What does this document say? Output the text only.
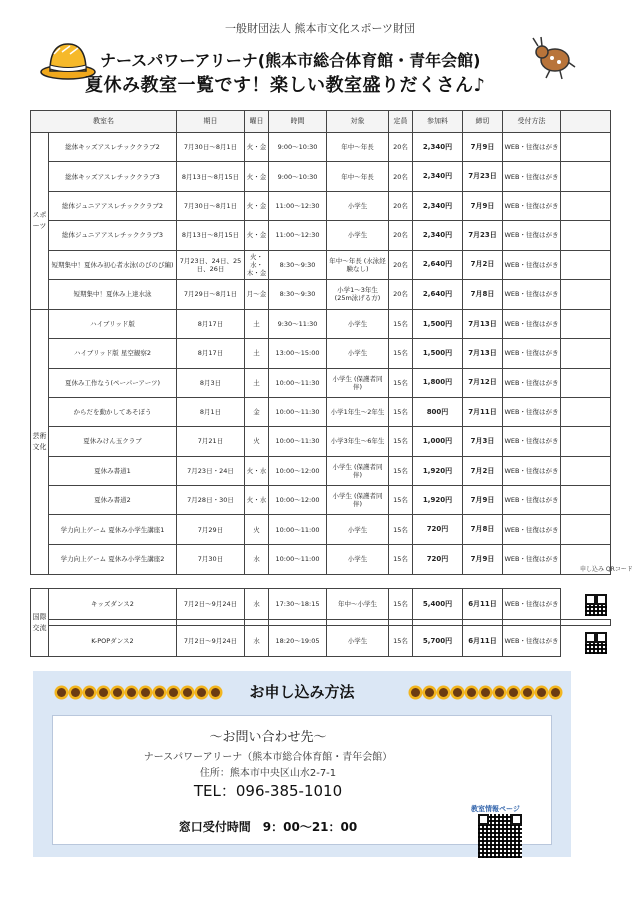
一般財団法人 熊本市文化スポーツ財団
ナースパワーアリーナ(熊本市総合体育館・青年会館)
夏休み教室一覧です！楽しい教室盛りだくさん♪
教室名		期日	曜日	時間	対象	定員	参加料	締切	受付方法	
スポーツ	総体キッズアスレチッククラブ2	7月30日～8月1日	火・金	9:00～10:30	年中～年長	20名	2,340円	7月9日	WEB・往復はがき	
	総体キッズアスレチッククラブ3	8月13日～8月15日	火・金	9:00～10:30	年中～年長	20名	2,340円	7月23日	WEB・往復はがき	
	総体ジュニアアスレチッククラブ2	7月30日～8月1日	火・金	11:00～12:30	小学生	20名	2,340円	7月9日	WEB・往復はがき	
	総体ジュニアアスレチッククラブ3	8月13日～8月15日	火・金	11:00～12:30	小学生	20名	2,340円	7月23日	WEB・往復はがき	
	短期集中！夏休み初心者水泳(のびのび編)	7月23日、24日、25日、26日	火・水・木・金	8:30～9:30	年中～年長 (水泳経験なし)	20名	2,640円	7月2日	WEB・往復はがき	
	短期集中！夏休み上達水泳	7月29日～8月1日	月～金	8:30～9:30	小学1～3年生 (25m泳げる方)	20名	2,640円	7月8日	WEB・往復はがき	
芸術文化	ハイブリッド版	8月17日	土	9:30～11:30	小学生	15名	1,500円	7月13日	WEB・往復はがき	
	ハイブリッド版 星空観察2	8月17日	土	13:00～15:00	小学生	15名	1,500円	7月13日	WEB・往復はがき	
	夏休み工作なう(ペーパーアーツ)	8月3日	土	10:00～11:30	小学生 (保護者同伴)	15名	1,800円	7月12日	WEB・往復はがき	
	からだを動かしてあそぼう	8月1日	金	10:00～11:30	小学1年生～2年生	15名	800円	7月11日	WEB・往復はがき	
	夏休みけん玉クラブ	7月21日	火	10:00～11:30	小学3年生～6年生	15名	1,000円	7月3日	WEB・往復はがき	
	夏休み書道1	7月23日・24日	火・水	10:00～12:00	小学生 (保護者同伴)	15名	1,920円	7月2日	WEB・往復はがき	
	夏休み書道2	7月28日・30日	火・水	10:00～12:00	小学生 (保護者同伴)	15名	1,920円	7月9日	WEB・往復はがき	
	学力向上ゲーム 夏休み小学生講座1	7月29日	火	10:00～11:00	小学生	15名	720円	7月8日	WEB・往復はがき	
	学力向上ゲーム 夏休み小学生講座2	7月30日	水	10:00～11:00	小学生	15名	720円	7月9日	WEB・往復はがき	
申し込み QRコード
国際交流	キッズダンス2	7月2日～9月24日	水	17:30～18:15	年中～小学生	15名	5,400円	6月11日	WEB・往復はがき	

	K-POPダンス2	7月2日～9月24日	水	18:20～19:05	小学生	15名	5,700円	6月11日	WEB・往復はがき	
お申し込み方法
～お問い合わせ先～
ナースパワーアリーナ（熊本市総合体育館・青年会館）
住所：熊本市中央区山水2-7-1
TEL：096-385-1010
窓口受付時間　9：00～21：00
教室情報ページ
